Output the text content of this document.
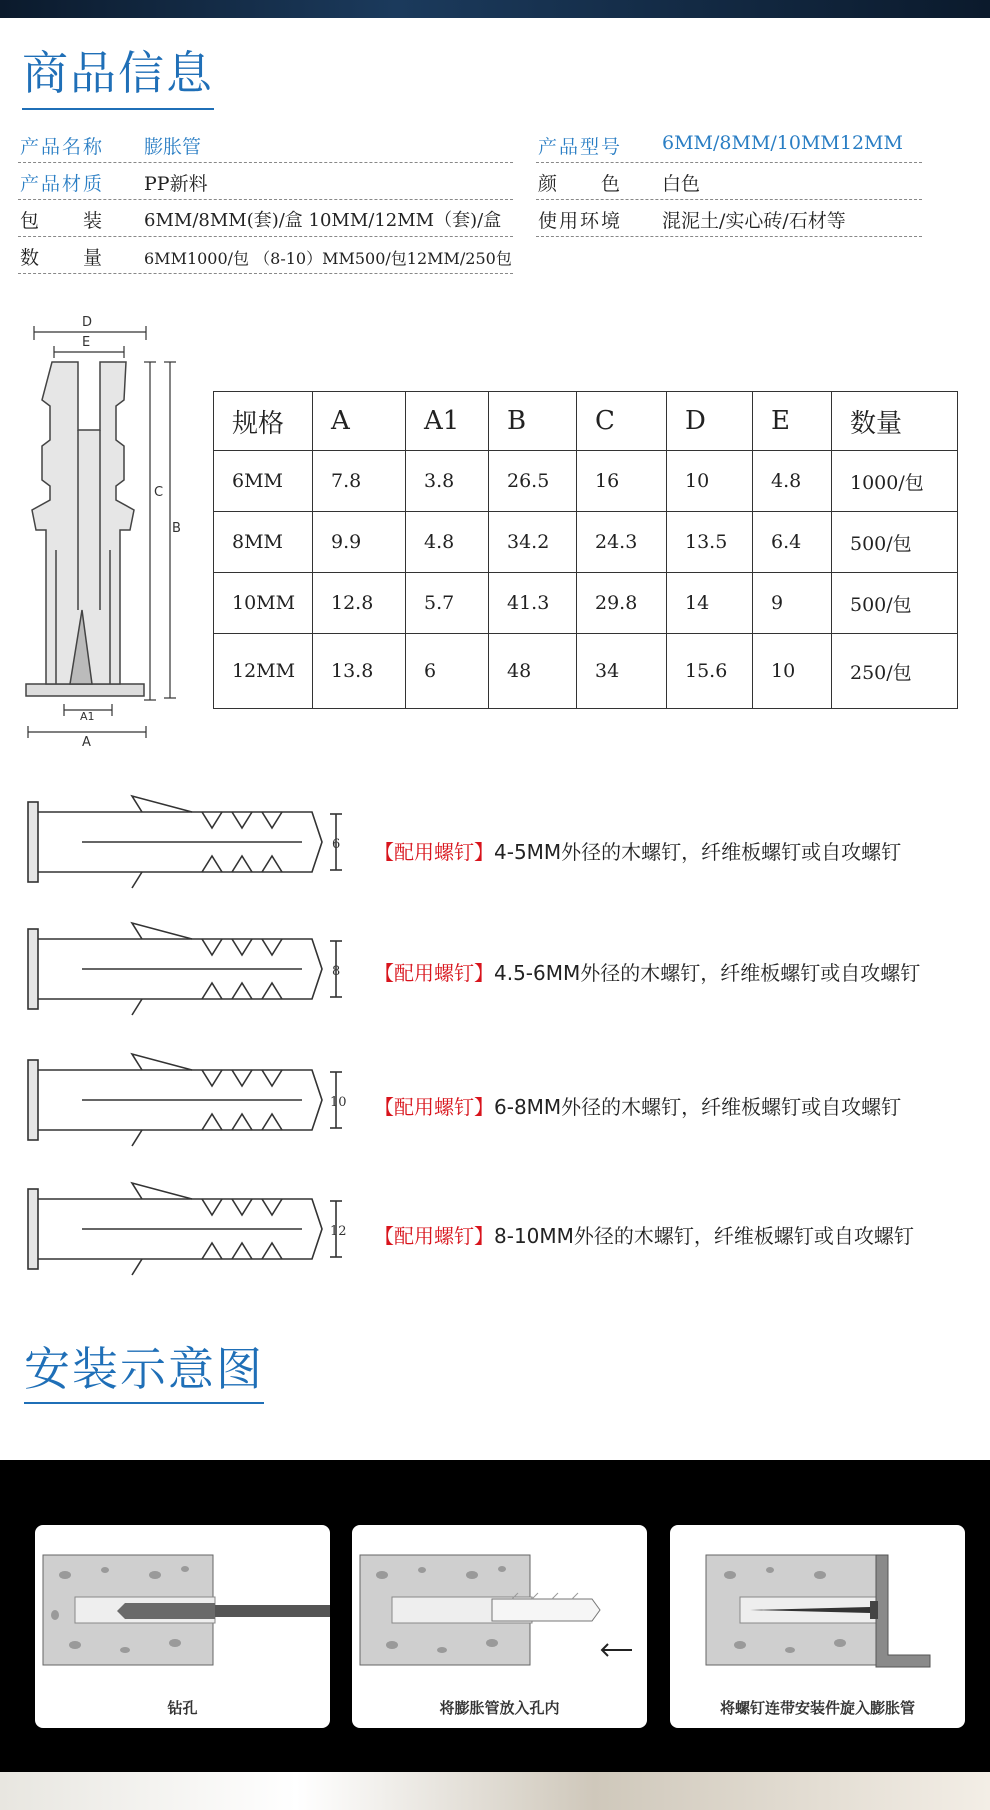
商品信息
产品名称 膨胀管
产品材质 PP新料
包　　装 6MM/8MM(套)/盒 10MM/12MM（套)/盒
数　　量 6MM1000/包 （8-10）MM500/包12MM/250包
产品型号 6MM/8MM/10MM12MM
颜　　色 白色
使用环境 混泥土/实心砖/石材等
D
E
C
B
A1
A
规格	A	A1	B	C	D	E	数量
6MM	7.8	3.8	26.5	16	10	4.8	1000/包
8MM	9.9	4.8	34.2	24.3	13.5	6.4	500/包
10MM	12.8	5.7	41.3	29.8	14	9	500/包
12MM	13.8	6	48	34	15.6	10	250/包
6 【配用螺钉】4-5MM外径的木螺钉，纤维板螺钉或自攻螺钉
8 【配用螺钉】4.5-6MM外径的木螺钉，纤维板螺钉或自攻螺钉
10 【配用螺钉】6-8MM外径的木螺钉，纤维板螺钉或自攻螺钉
12 【配用螺钉】8-10MM外径的木螺钉，纤维板螺钉或自攻螺钉
安装示意图
钻孔	将膨胀管放入孔内	将螺钉连带安装件旋入膨胀管
